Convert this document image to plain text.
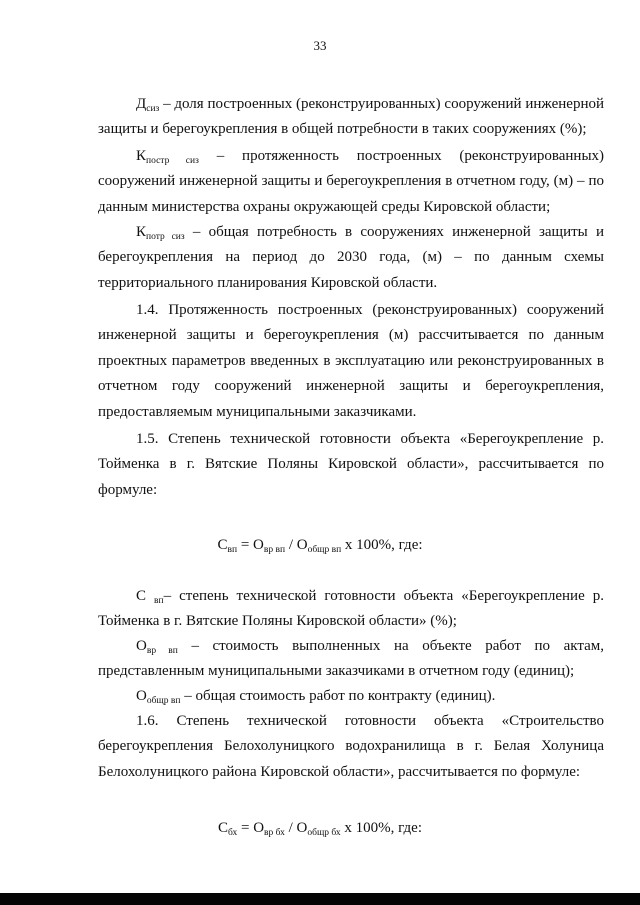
33

$Д_{сиз}$ – доля построенных (реконструированных) сооружений инженерной защиты и берегоукрепления в общей потребности в таких сооружениях (%);

$К_{постр сиз}$ – протяженность построенных (реконструированных) сооружений инженерной защиты и берегоукрепления в отчетном году, (м) – по данным министерства охраны окружающей среды Кировской области;

$К_{потр сиз}$ – общая потребность в сооружениях инженерной защиты и берегоукрепления на период до 2030 года, (м) – по данным схемы территориального планирования Кировской области.

1.4. Протяженность построенных (реконструированных) сооружений инженерной защиты и берегоукрепления (м) рассчитывается по данным проектных параметров введенных в эксплуатацию или реконструированных в отчетном году сооружений инженерной защиты и берегоукрепления, предоставляемым муниципальными заказчиками.

1.5. Степень технической готовности объекта «Берегоукрепление р. Тойменка в г. Вятские Поляны Кировской области», рассчитывается по формуле:

$С_{вп} = О_{вр вп} / О_{общр вп}$ х 100%, где:

С $_{вп}$– степень технической готовности объекта «Берегоукрепление р. Тойменка в г. Вятские Поляны Кировской области» (%);

$О_{вр вп}$ – стоимость выполненных на объекте работ по актам, представленным муниципальными заказчиками в отчетном году (единиц);

$О_{общр вп}$ – общая стоимость работ по контракту (единиц).

1.6. Степень технической готовности объекта «Строительство берегоукрепления Белохолуницкого водохранилища в г. Белая Холуница Белохолуницкого района Кировской области», рассчитывается по формуле:

$С_{бх} = О_{вр бх} / О_{общр бх}$ х 100%, где:
